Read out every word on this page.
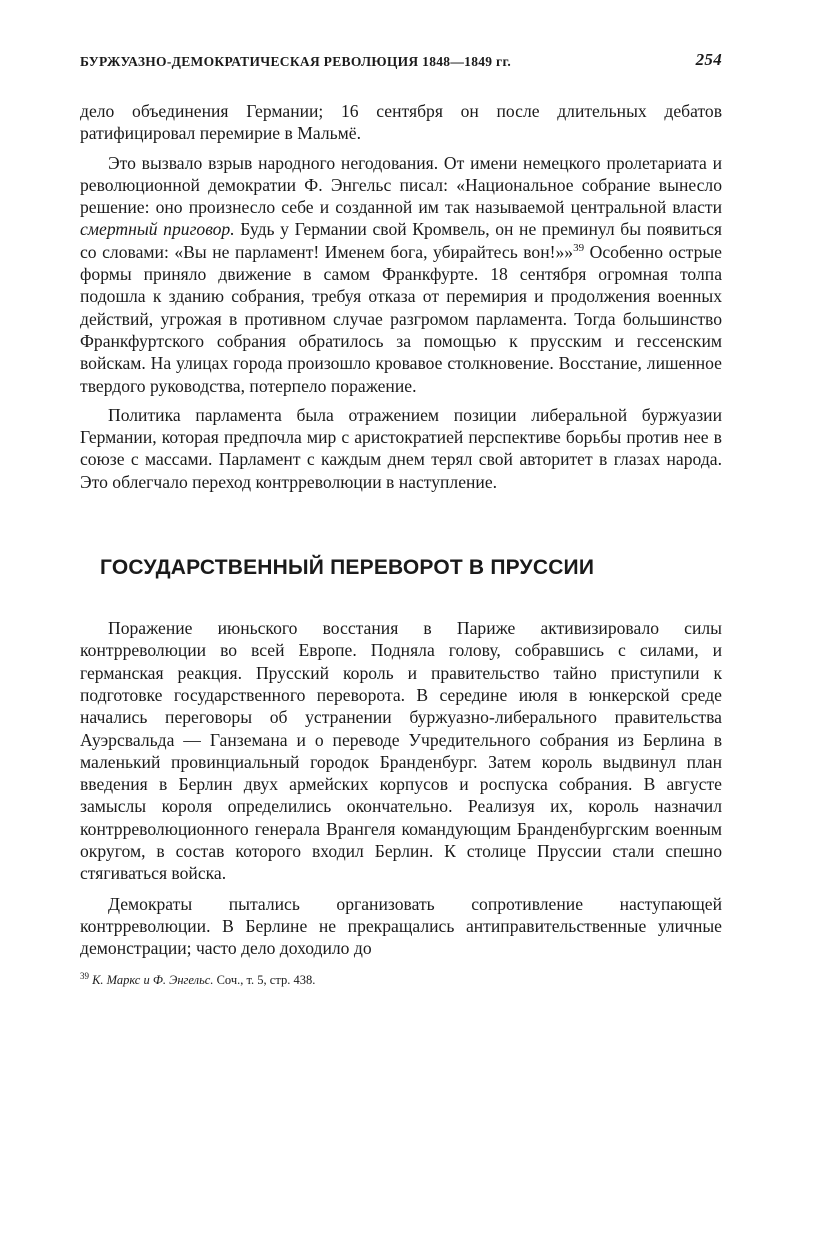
БУРЖУАЗНО-ДЕМОКРАТИЧЕСКАЯ РЕВОЛЮЦИЯ 1848—1849 гг.	254

дело объединения Германии; 16 сентября он после длительных дебатов ратифицировал перемирие в Мальмё.

Это вызвало взрыв народного негодования. От имени немецкого пролетариата и революционной демократии Ф. Энгельс писал: «Национальное собрание вынесло решение: оно произнесло себе и созданной им так называемой центральной власти смертный приговор. Будь у Германии свой Кромвель, он не преминул бы появиться со словами: «Вы не парламент! Именем бога, убирайтесь вон!»»$^{39}$ Особенно острые формы приняло движение в самом Франкфурте. 18 сентября огромная толпа подошла к зданию собрания, требуя отказа от перемирия и продолжения военных действий, угрожая в противном случае разгромом парламента. Тогда большинство Франкфуртского собрания обратилось за помощью к прусским и гессенским войскам. На улицах города произошло кровавое столкновение. Восстание, лишенное твердого руководства, потерпело поражение.

Политика парламента была отражением позиции либеральной буржуазии Германии, которая предпочла мир с аристократией перспективе борьбы против нее в союзе с массами. Парламент с каждым днем терял свой авторитет в глазах народа. Это облегчало переход контрреволюции в наступление.

ГОСУДАРСТВЕННЫЙ ПЕРЕВОРОТ В ПРУССИИ

Поражение июньского восстания в Париже активизировало силы контрреволюции во всей Европе. Подняла голову, собравшись с силами, и германская реакция. Прусский король и правительство тайно приступили к подготовке государственного переворота. В середине июля в юнкерской среде начались переговоры об устранении буржуазно-либерального правительства Ауэрсвальда — Ганземана и о переводе Учредительного собрания из Берлина в маленький провинциальный городок Бранденбург. Затем король выдвинул план введения в Берлин двух армейских корпусов и роспуска собрания. В августе замыслы короля определились окончательно. Реализуя их, король назначил контрреволюционного генерала Врангеля командующим Бранденбургским военным округом, в состав которого входил Берлин. К столице Пруссии стали спешно стягиваться войска.

Демократы пытались организовать сопротивление наступающей контрреволюции. В Берлине не прекращались антиправительственные уличные демонстрации; часто дело доходило до

$^{39}$ К. Маркс и Ф. Энгельс. Соч., т. 5, стр. 438.
